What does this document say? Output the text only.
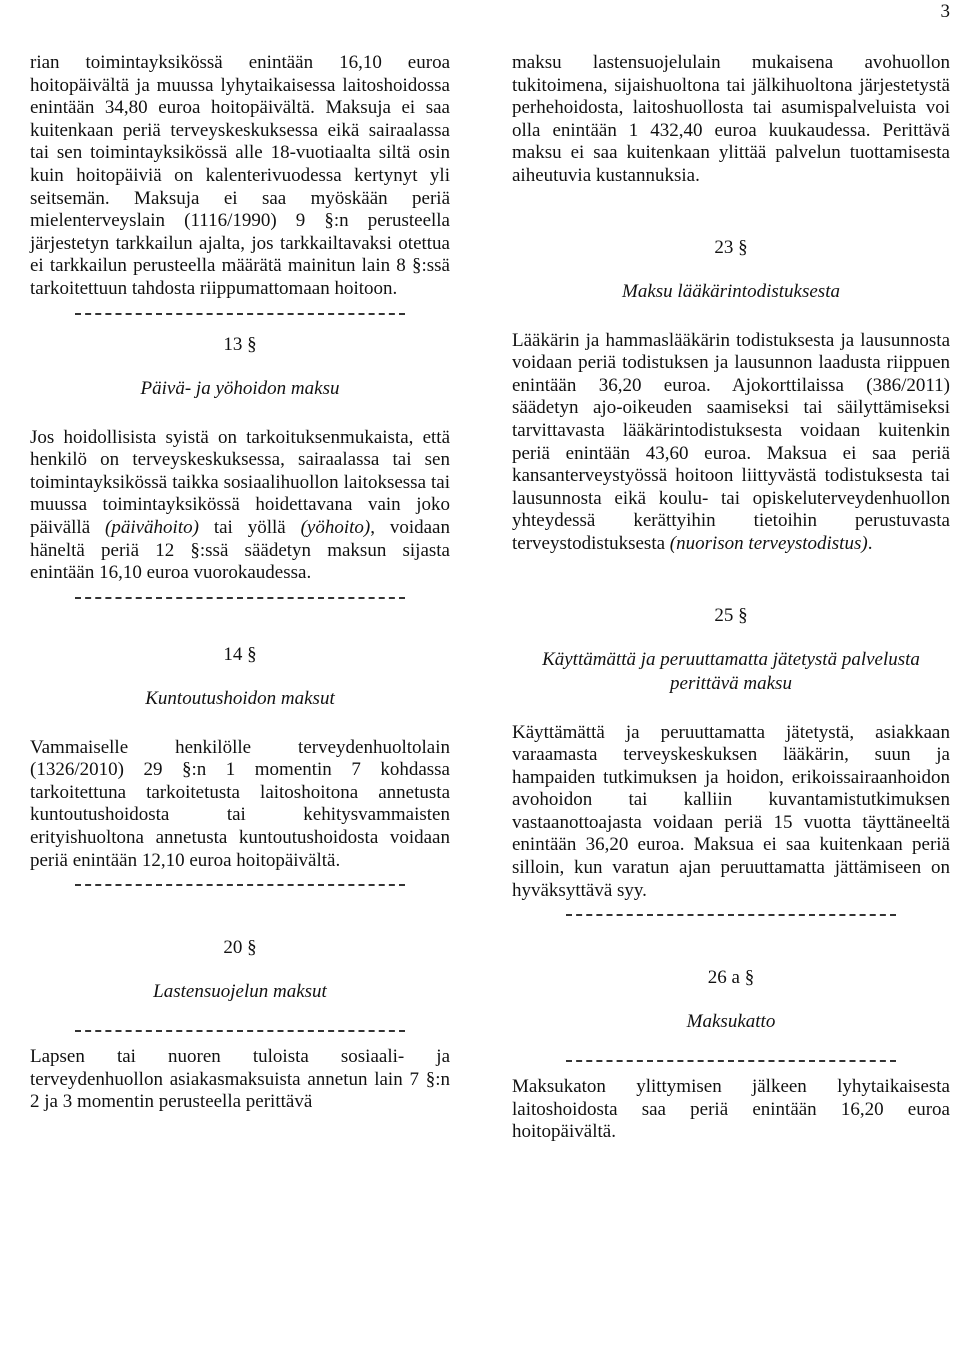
3

rian toimintayksikössä enintään 16,10 euroa hoitopäivältä ja muussa lyhytaikaisessa laitoshoidossa enintään 34,80 euroa hoitopäivältä. Maksuja ei saa kuitenkaan periä terveyskeskuksessa eikä sairaalassa tai sen toimintayksikössä alle 18-vuotiaalta siltä osin kuin hoitopäiviä on kalenterivuodessa kertynyt yli seitsemän. Maksuja ei saa myöskään periä mielenterveyslain (1116/1990) 9 §:n perusteella järjestetyn tarkkailun ajalta, jos tarkkailtavaksi otettua ei tarkkailun perusteella määrätä mainitun lain 8 §:ssä tarkoitettuun tahdosta riippumattomaan hoitoon.

13 §

Päivä- ja yöhoidon maksu

Jos hoidollisista syistä on tarkoituksenmukaista, että henkilö on terveyskeskuksessa, sairaalassa tai sen toimintayksikössä taikka sosiaalihuollon laitoksessa tai muussa toimintayksikössä hoidettavana vain joko päivällä (päivähoito) tai yöllä (yöhoito), voidaan häneltä periä 12 §:ssä säädetyn maksun sijasta enintään 16,10 euroa vuorokaudessa.

14 §

Kuntoutushoidon maksut

Vammaiselle henkilölle terveydenhuoltolain (1326/2010) 29 §:n 1 momentin 7 kohdassa tarkoitettuna tarkoitetusta laitoshoitona annetusta kuntoutushoidosta tai kehitysvammaisten erityishuoltona annetusta kuntoutushoidosta voidaan periä enintään 12,10 euroa hoitopäivältä.

20 §

Lastensuojelun maksut

Lapsen tai nuoren tuloista sosiaali- ja terveydenhuollon asiakasmaksuista annetun lain 7 §:n 2 ja 3 momentin perusteella perittävä

maksu lastensuojelulain mukaisena avohuollon tukitoimena, sijaishuoltona tai jälkihuoltona järjestetystä perhehoidosta, laitoshuollosta tai asumispalveluista voi olla enintään 1 432,40 euroa kuukaudessa. Perittävä maksu ei saa kuitenkaan ylittää palvelun tuottamisesta aiheutuvia kustannuksia.

23 §

Maksu lääkärintodistuksesta

Lääkärin ja hammaslääkärin todistuksesta ja lausunnosta voidaan periä todistuksen ja lausunnon laadusta riippuen enintään 36,20 euroa. Ajokorttilaissa (386/2011) säädetyn ajo-oikeuden saamiseksi tai säilyttämiseksi tarvittavasta lääkärintodistuksesta voidaan kuitenkin periä enintään 43,60 euroa. Maksua ei saa periä kansanterveystyössä hoitoon liittyvästä todistuksesta tai lausunnosta eikä koulu- tai opiskeluterveydenhuollon yhteydessä kerättyihin tietoihin perustuvasta terveystodistuksesta (nuorison terveystodistus).

25 §

Käyttämättä ja peruuttamatta jätetystä palvelusta perittävä maksu

Käyttämättä ja peruuttamatta jätetystä, asiakkaan varaamasta terveyskeskuksen lääkärin, suun ja hampaiden tutkimuksen ja hoidon, erikoissairaanhoidon avohoidon tai kalliin kuvantamistutkimuksen vastaanottoajasta voidaan periä 15 vuotta täyttäneeltä enintään 36,20 euroa. Maksua ei saa kuitenkaan periä silloin, kun varatun ajan peruuttamatta jättämiseen on hyväksyttävä syy.

26 a §

Maksukatto

Maksukaton ylittymisen jälkeen lyhytaikaisesta laitoshoidosta saa periä enintään 16,20 euroa hoitopäivältä.
